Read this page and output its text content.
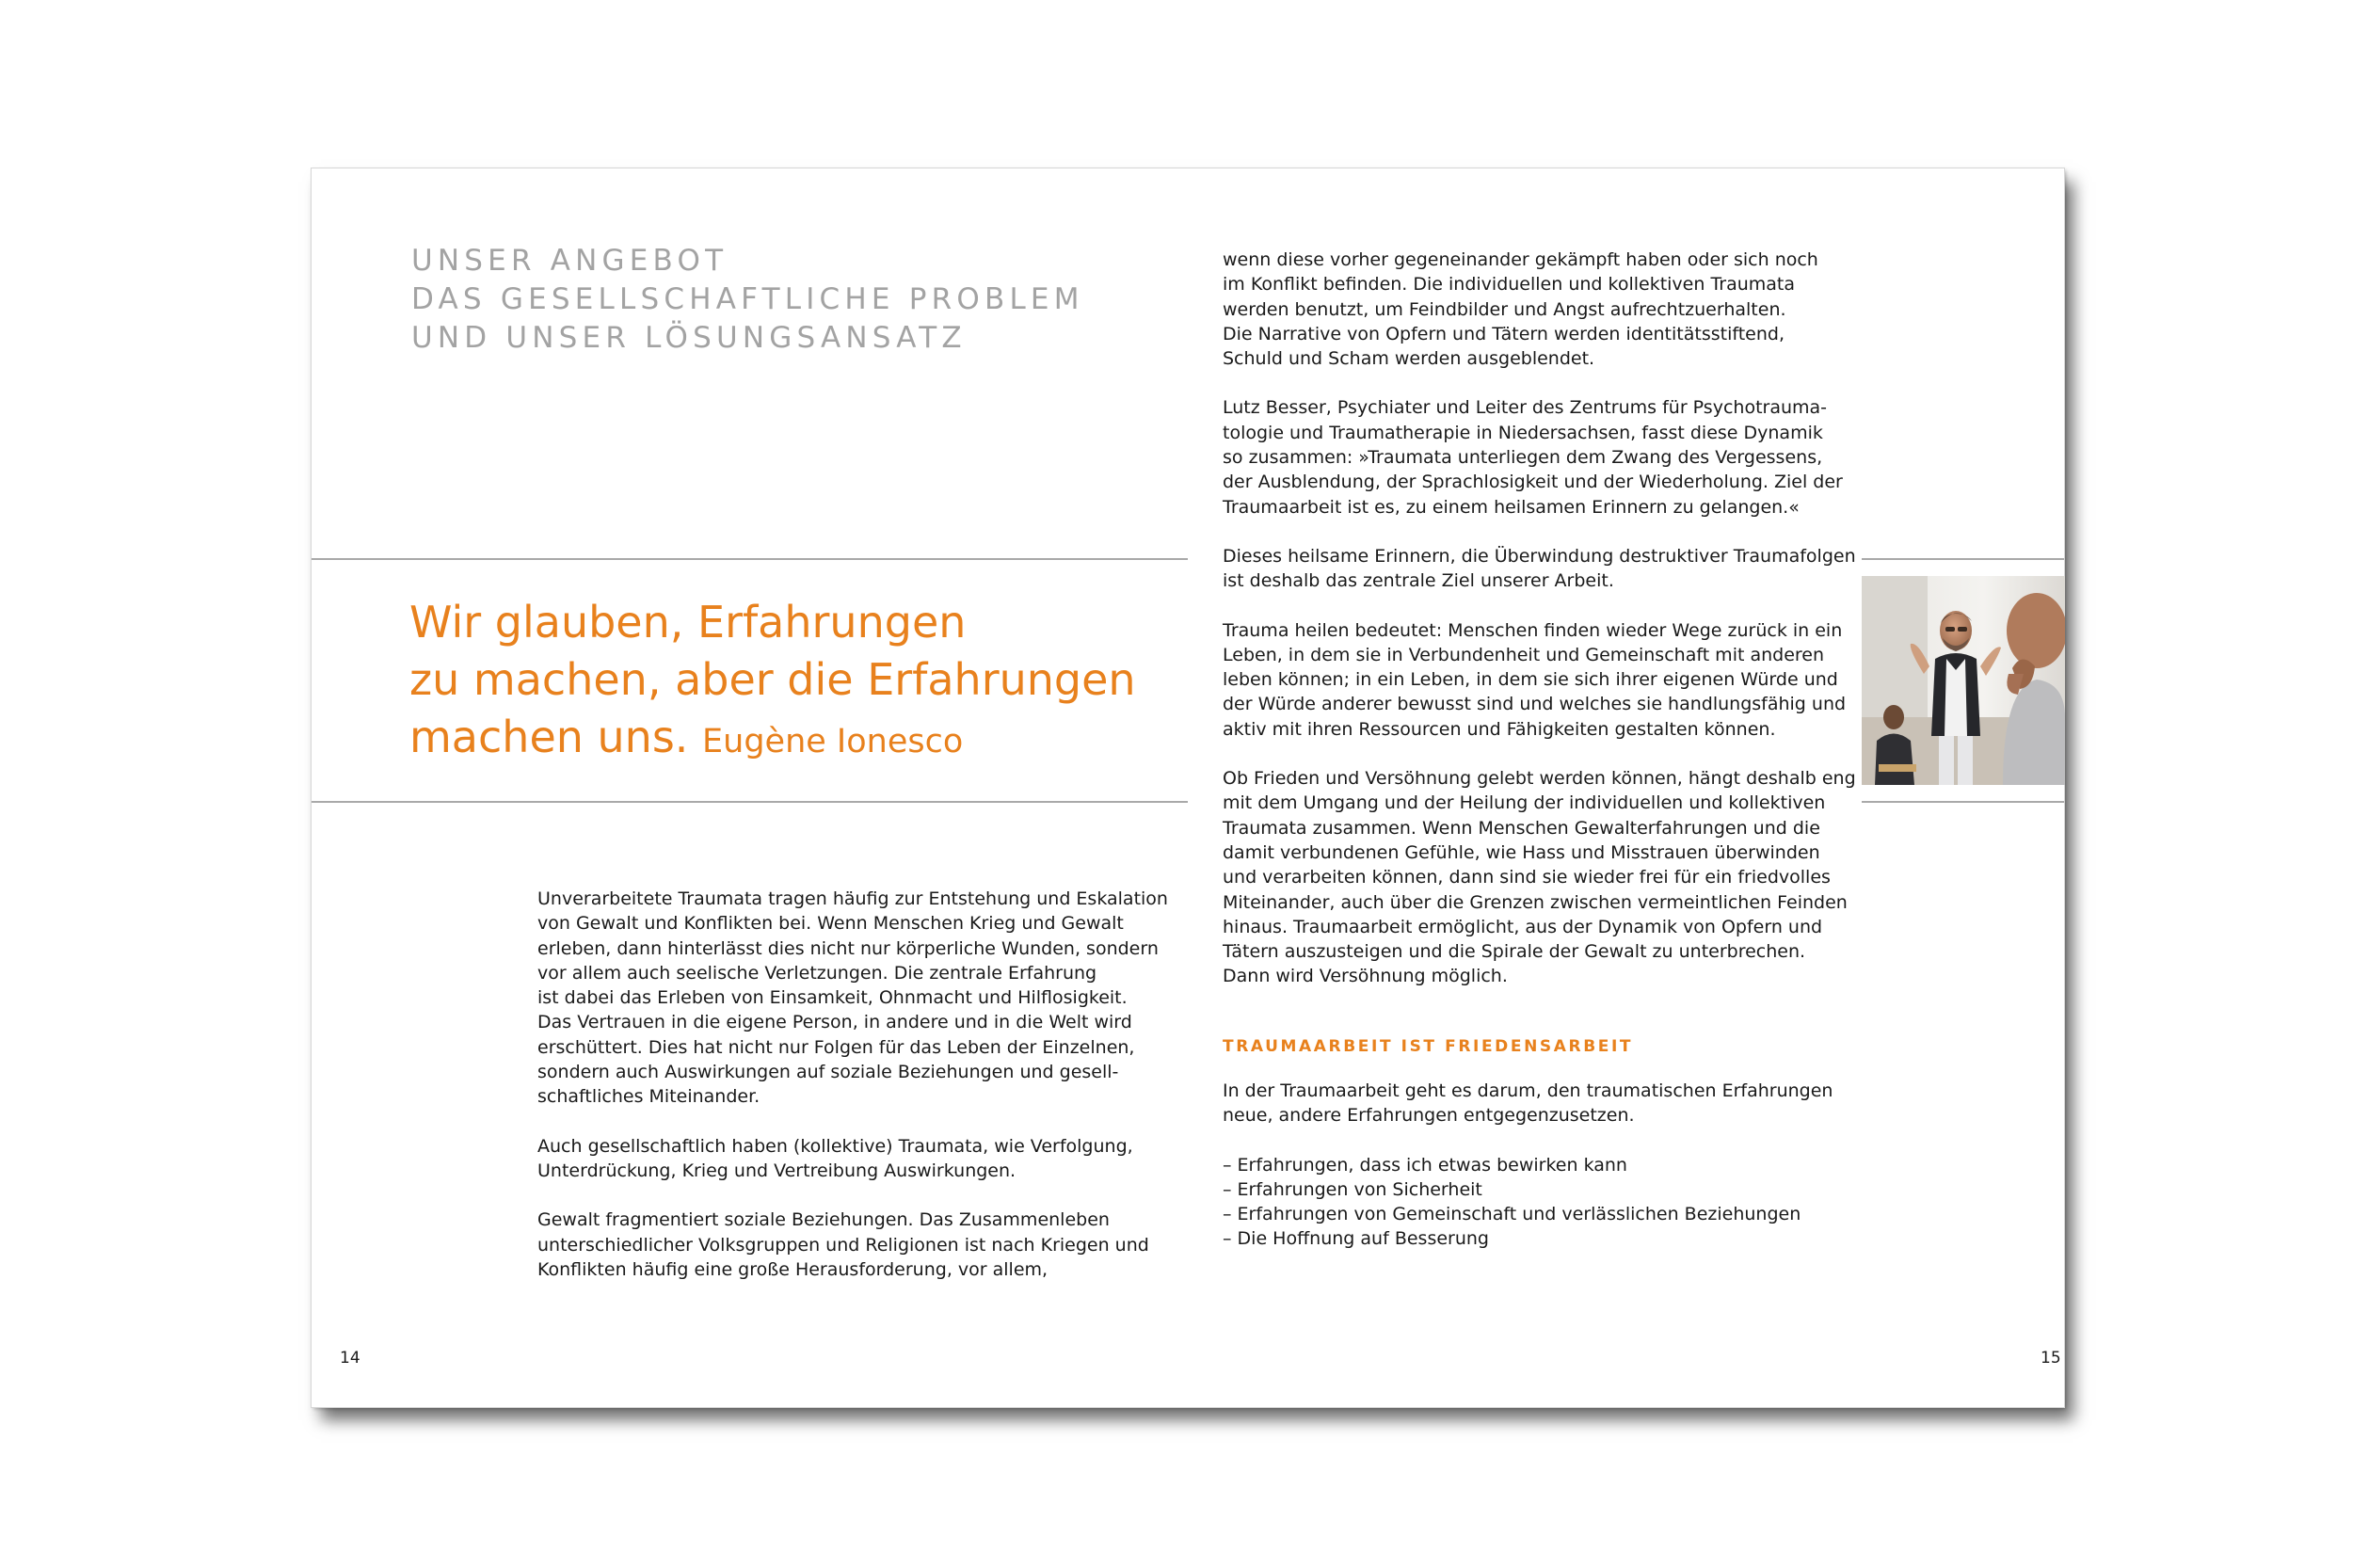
UNSER ANGEBOT
DAS GESELLSCHAFTLICHE PROBLEM
UND UNSER LÖSUNGSANSATZ
Wir glauben, Erfahrungen
zu machen, aber die Erfahrungen
machen uns. Eugène Ionesco

Unverarbeitete Traumata tragen häufig zur Entstehung und Eskalation
von Gewalt und Konflikten bei. Wenn Menschen Krieg und Gewalt
erleben, dann hinterlässt dies nicht nur körperliche Wunden, sondern
vor allem auch seelische Verletzungen. Die zentrale Erfahrung
ist dabei das Erleben von Einsamkeit, Ohnmacht und Hilflosigkeit.
Das Vertrauen in die eigene Person, in andere und in die Welt wird
erschüttert. Dies hat nicht nur Folgen für das Leben der Einzelnen,
sondern auch Auswirkungen auf soziale Beziehungen und gesell-
schaftliches Miteinander.

Auch gesellschaftlich haben (kollektive) Traumata, wie Verfolgung,
Unterdrückung, Krieg und Vertreibung Auswirkungen.

Gewalt fragmentiert soziale Beziehungen. Das Zusammenleben
unterschiedlicher Volksgruppen und Religionen ist nach Kriegen und
Konflikten häufig eine große Herausforderung, vor allem,

14

wenn diese vorher gegeneinander gekämpft haben oder sich noch
im Konflikt befinden. Die individuellen und kollektiven Traumata
werden benutzt, um Feindbilder und Angst aufrechtzuerhalten.
Die Narrative von Opfern und Tätern werden identitätsstiftend,
Schuld und Scham werden ausgeblendet.

Lutz Besser, Psychiater und Leiter des Zentrums für Psychotrauma-
tologie und Traumatherapie in Niedersachsen, fasst diese Dynamik
so zusammen: »Traumata unterliegen dem Zwang des Vergessens,
der Ausblendung, der Sprachlosigkeit und der Wiederholung. Ziel der
Traumaarbeit ist es, zu einem heilsamen Erinnern zu gelangen.«

Dieses heilsame Erinnern, die Überwindung destruktiver Traumafolgen
ist deshalb das zentrale Ziel unserer Arbeit.

Trauma heilen bedeutet: Menschen finden wieder Wege zurück in ein
Leben, in dem sie in Verbundenheit und Gemeinschaft mit anderen
leben können; in ein Leben, in dem sie sich ihrer eigenen Würde und
der Würde anderer bewusst sind und welches sie handlungsfähig und
aktiv mit ihren Ressourcen und Fähigkeiten gestalten können.

Ob Frieden und Versöhnung gelebt werden können, hängt deshalb eng
mit dem Umgang und der Heilung der individuellen und kollektiven
Traumata zusammen. Wenn Menschen Gewalterfahrungen und die
damit verbundenen Gefühle, wie Hass und Misstrauen überwinden
und verarbeiten können, dann sind sie wieder frei für ein friedvolles
Miteinander, auch über die Grenzen zwischen vermeintlichen Feinden
hinaus. Traumaarbeit ermöglicht, aus der Dynamik von Opfern und
Tätern auszusteigen und die Spirale der Gewalt zu unterbrechen.
Dann wird Versöhnung möglich.

TRAUMAARBEIT IST FRIEDENSARBEIT

In der Traumaarbeit geht es darum, den traumatischen Erfahrungen
neue, andere Erfahrungen entgegenzusetzen.

– Erfahrungen, dass ich etwas bewirken kann
– Erfahrungen von Sicherheit
– Erfahrungen von Gemeinschaft und verlässlichen Beziehungen
– Die Hoffnung auf Besserung

15
